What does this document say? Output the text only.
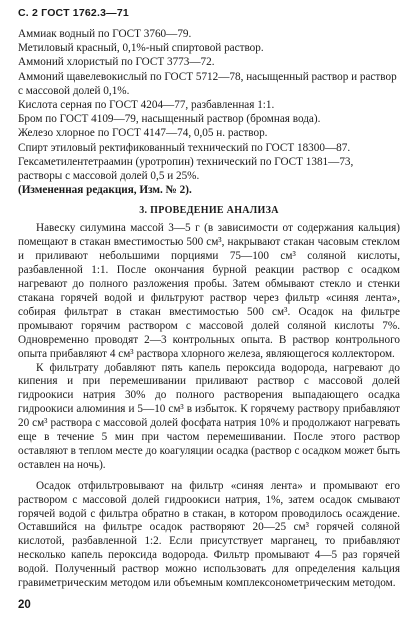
С. 2 ГОСТ 1762.3—71
Аммиак водный по ГОСТ 3760—79.
Метиловый красный, 0,1%-ный спиртовой раствор.
Аммоний хлористый по ГОСТ 3773—72.
Аммоний щавелевокислый по ГОСТ 5712—78, насыщенный раствор и раствор с массовой долей 0,1%.
Кислота серная по ГОСТ 4204—77, разбавленная 1:1.
Бром по ГОСТ 4109—79, насыщенный раствор (бромная вода).
Железо хлорное по ГОСТ 4147—74, 0,05 н. раствор.
Спирт этиловый ректификованный технический по ГОСТ 18300—87.
Гексаметилентетраамин (уротропин) технический по ГОСТ 1381—73, растворы с массовой долей 0,5 и 25%.
(Измененная редакция, Изм. № 2).
3. ПРОВЕДЕНИЕ АНАЛИЗА
Навеску силумина массой 3—5 г (в зависимости от содержания кальция) помещают в стакан вместимостью 500 см³, накрывают стакан часовым стеклом и приливают небольшими порциями 75—100 см³ соляной кислоты, разбавленной 1:1. После окончания бурной реакции раствор с осадком нагревают до полного разложения пробы. Затем обмывают стекло и стенки стакана горячей водой и фильтруют раствор через фильтр «синяя лента», собирая фильтрат в стакан вместимостью 500 см³. Осадок на фильтре промывают горячим раствором с массовой долей соляной кислоты 7%. Одновременно проводят 2—3 контрольных опыта. В раствор контрольного опыта прибавляют 4 см³ раствора хлорного железа, являющегося коллектором.
К фильтрату добавляют пять капель пероксида водорода, нагревают до кипения и при перемешивании приливают раствор с массовой долей гидроокиси натрия 30% до полного растворения выпадающего осадка гидроокиси алюминия и 5—10 см³ в избыток. К горячему раствору прибавляют 20 см³ раствора с массовой долей фосфата натрия 10% и продолжают нагревать еще в течение 5 мин при частом перемешивании. После этого раствор оставляют в теплом месте до коагуляции осадка (раствор с осадком может быть оставлен на ночь).
Осадок отфильтровывают на фильтр «синяя лента» и промывают его раствором с массовой долей гидроокиси натрия, 1%, затем осадок смывают горячей водой с фильтра обратно в стакан, в котором проводилось осаждение. Оставшийся на фильтре осадок растворяют 20—25 см³ горячей соляной кислотой, разбавленной 1:2. Если присутствует марганец, то прибавляют несколько капель пероксида водорода. Фильтр промывают 4—5 раз горячей водой. Полученный раствор можно использовать для определения кальция гравиметрическим методом или объемным комплексонометрическим методом.
20
